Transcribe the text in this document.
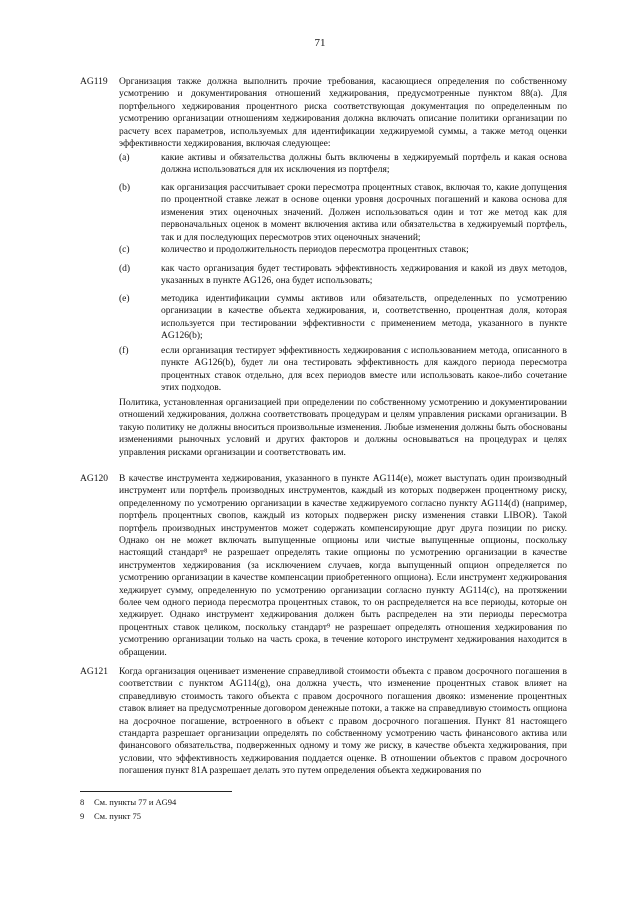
71
AG119 Организация также должна выполнить прочие требования, касающиеся определения по собственному усмотрению и документирования отношений хеджирования, предусмотренные пунктом 88(а). Для портфельного хеджирования процентного риска соответствующая документация по определенным по усмотрению организации отношениям хеджирования должна включать описание политики организации по расчету всех параметров, используемых для идентификации хеджируемой суммы, а также метод оценки эффективности хеджирования, включая следующее:

(a)	какие активы и обязательства должны быть включены в хеджируемый портфель и какая основа должна использоваться для их исключения из портфеля;

(b)	как организация рассчитывает сроки пересмотра процентных ставок, включая то, какие допущения по процентной ставке лежат в основе оценки уровня досрочных погашений и какова основа для изменения этих оценочных значений. Должен использоваться один и тот же метод как для первоначальных оценок в момент включения актива или обязательства в хеджируемый портфель, так и для последующих пересмотров этих оценочных значений;

(c)	количество и продолжительность периодов пересмотра процентных ставок;

(d)	как часто организация будет тестировать эффективность хеджирования и какой из двух методов, указанных в пункте AG126, она будет использовать;

(e)	методика идентификации суммы активов или обязательств, определенных по усмотрению организации в качестве объекта хеджирования, и, соответственно, процентная доля, которая используется при тестировании эффективности с применением метода, указанного в пункте AG126(b);

(f)	если организация тестирует эффективность хеджирования с использованием метода, описанного в пункте AG126(b), будет ли она тестировать эффективность для каждого периода пересмотра процентных ставок отдельно, для всех периодов вместе или использовать какое-либо сочетание этих подходов.

Политика, установленная организацией при определении по собственному усмотрению и документировании отношений хеджирования, должна соответствовать процедурам и целям управления рисками организации. В такую политику не должны вноситься произвольные изменения. Любые изменения должны быть обоснованы изменениями рыночных условий и других факторов и должны основываться на процедурах и целях управления рисками организации и соответствовать им.

AG120 В качестве инструмента хеджирования, указанного в пункте AG114(e), может выступать один производный инструмент или портфель производных инструментов, каждый из которых подвержен процентному риску, определенному по усмотрению организации в качестве хеджируемого согласно пункту AG114(d) (например, портфель процентных свопов, каждый из которых подвержен риску изменения ставки LIBOR). Такой портфель производных инструментов может содержать компенсирующие друг друга позиции по риску. Однако он не может включать выпущенные опционы или чистые выпущенные опционы, поскольку настоящий стандарт⁸ не разрешает определять такие опционы по усмотрению организации в качестве инструментов хеджирования (за исключением случаев, когда выпущенный опцион определяется по усмотрению организации в качестве компенсации приобретенного опциона). Если инструмент хеджирования хеджирует сумму, определенную по усмотрению организации согласно пункту AG114(c), на протяжении более чем одного периода пересмотра процентных ставок, то он распределяется на все периоды, которые он хеджирует. Однако инструмент хеджирования должен быть распределен на эти периоды пересмотра процентных ставок целиком, поскольку стандарт⁹ не разрешает определять отношения хеджирования по усмотрению организации только на часть срока, в течение которого инструмент хеджирования находится в обращении.

AG121 Когда организация оценивает изменение справедливой стоимости объекта с правом досрочного погашения в соответствии с пунктом AG114(g), она должна учесть, что изменение процентных ставок влияет на справедливую стоимость такого объекта с правом досрочного погашения двояко: изменение процентных ставок влияет на предусмотренные договором денежные потоки, а также на справедливую стоимость опциона на досрочное погашение, встроенного в объект с правом досрочного погашения. Пункт 81 настоящего стандарта разрешает организации определять по собственному усмотрению часть финансового актива или финансового обязательства, подверженных одному и тому же риску, в качестве объекта хеджирования, при условии, что эффективность хеджирования поддается оценке. В отношении объектов с правом досрочного погашения пункт 81A разрешает делать это путем определения объекта хеджирования по

8 См. пункты 77 и AG94
9 См. пункт 75
